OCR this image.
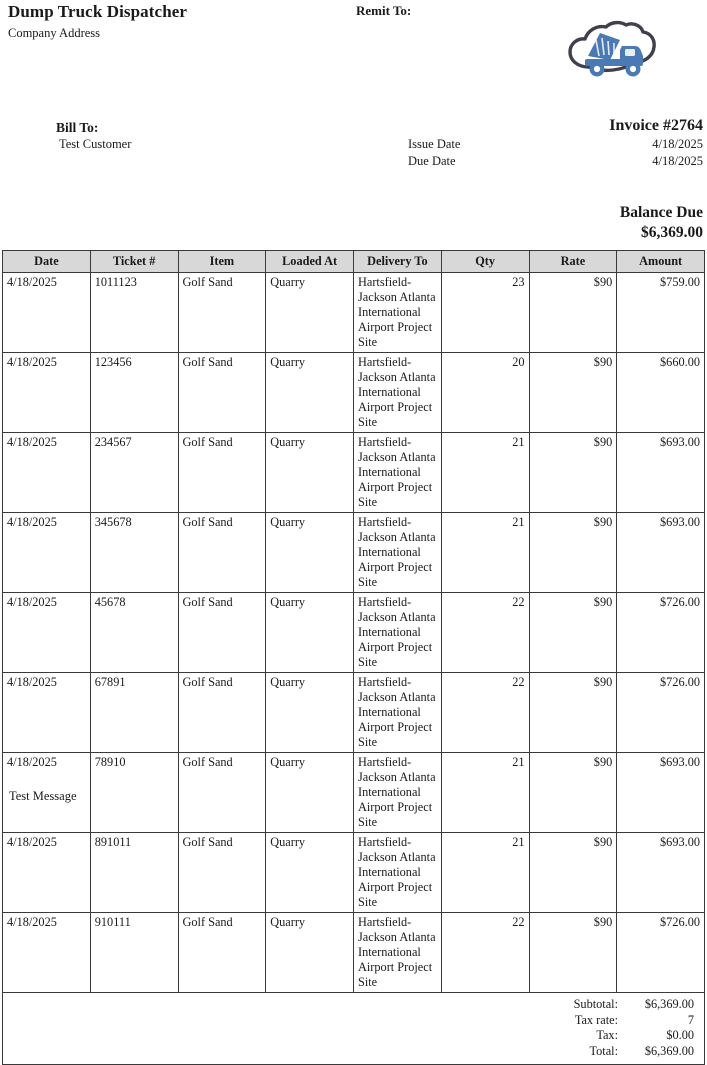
Dump Truck Dispatcher
Company Address
Remit To:
Bill To:
Test Customer
Invoice #2764
Issue Date	4/18/2025
Due Date	4/18/2025
Balance Due
$6,369.00
Date	Ticket #	Item	Loaded At	Delivery To	Qty	Rate	Amount
4/18/2025	1011123	Golf Sand	Quarry	Hartsfield-Jackson Atlanta International Airport Project Site	23	$90	$759.00
4/18/2025	123456	Golf Sand	Quarry	Hartsfield-Jackson Atlanta International Airport Project Site	20	$90	$660.00
4/18/2025	234567	Golf Sand	Quarry	Hartsfield-Jackson Atlanta International Airport Project Site	21	$90	$693.00
4/18/2025	345678	Golf Sand	Quarry	Hartsfield-Jackson Atlanta International Airport Project Site	21	$90	$693.00
4/18/2025	45678	Golf Sand	Quarry	Hartsfield-Jackson Atlanta International Airport Project Site	22	$90	$726.00
4/18/2025	67891	Golf Sand	Quarry	Hartsfield-Jackson Atlanta International Airport Project Site	22	$90	$726.00
4/18/2025	78910	Golf Sand	Quarry	Hartsfield-Jackson Atlanta International Airport Project Site	21	$90	$693.00
4/18/2025	891011	Golf Sand	Quarry	Hartsfield-Jackson Atlanta International Airport Project Site	21	$90	$693.00
4/18/2025	910111	Golf Sand	Quarry	Hartsfield-Jackson Atlanta International Airport Project Site	22	$90	$726.00

Subtotal:	$6,369.00
Tax rate:	7
Tax:	$0.00
Total:	$6,369.00
Test Message
